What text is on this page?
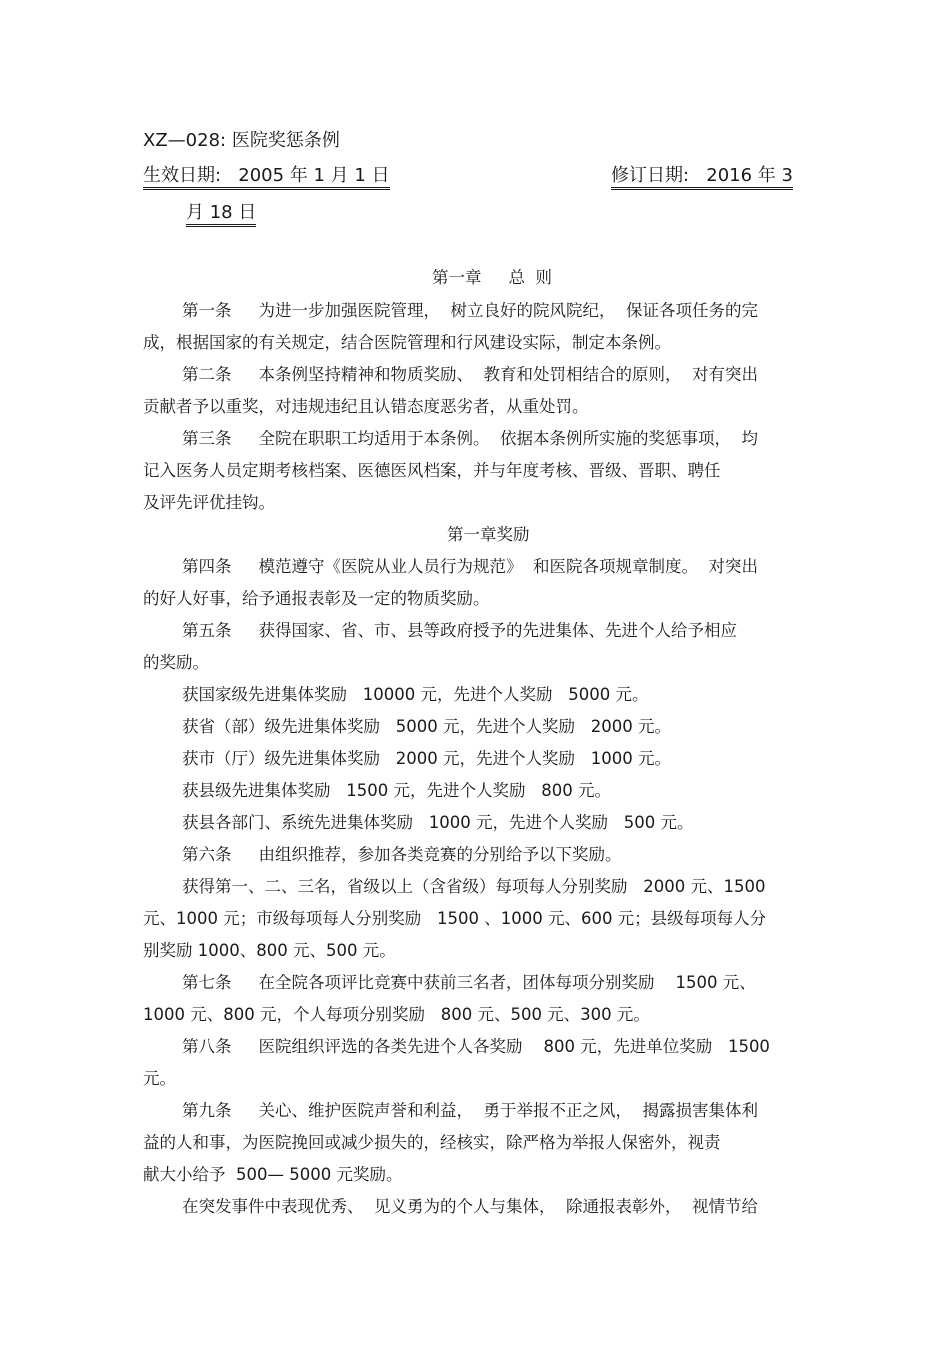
XZ—028: 医院奖惩条例
生效日期: 2005 年 1 月 1 日	修订日期: 2016 年 3
月 18 日
第一章 　 总  则
第一条 　 为进一步加强医院管理，  树立良好的院风院纪，  保证各项任务的完
成，根据国家的有关规定，结合医院管理和行风建设实际，制定本条例。
第二条 　 本条例坚持精神和物质奖励、  教育和处罚相结合的原则，  对有突出
贡献者予以重奖，对违规违纪且认错态度恶劣者，从重处罚。
第三条 　 全院在职职工均适用于本条例。  依据本条例所实施的奖惩事项，  均
记入医务人员定期考核档案、医德医风档案，并与年度考核、晋级、晋职、聘任
及评先评优挂钩。
第一章奖励
第四条 　 模范遵守《医院从业人员行为规范》  和医院各项规章制度。  对突出
的好人好事，给予通报表彰及一定的物质奖励。
第五条 　 获得国家、省、市、县等政府授予的先进集体、先进个人给予相应
的奖励。
获国家级先进集体奖励   10000 元，先进个人奖励   5000 元。
获省（部）级先进集体奖励   5000 元，先进个人奖励   2000 元。
获市（厅）级先进集体奖励   2000 元，先进个人奖励   1000 元。
获县级先进集体奖励   1500 元，先进个人奖励   800 元。
获县各部门、系统先进集体奖励   1000 元，先进个人奖励   500 元。
第六条 　 由组织推荐，参加各类竞赛的分别给予以下奖励。
获得第一、二、三名，省级以上（含省级）每项每人分别奖励   2000 元、1500
元、1000 元；市级每项每人分别奖励   1500 、1000 元、600 元；县级每项每人分
别奖励 1000、800 元、500 元。
第七条 　 在全院各项评比竞赛中获前三名者，团体每项分别奖励    1500 元、
1000 元、800 元，个人每项分别奖励   800 元、500 元、300 元。
第八条 　 医院组织评选的各类先进个人各奖励    800 元，先进单位奖励   1500
元。
第九条 　 关心、维护医院声誉和利益，  勇于举报不正之风，  揭露损害集体利
益的人和事，为医院挽回或减少损失的，经核实，除严格为举报人保密外，视责
献大小给予  500— 5000 元奖励。
在突发事件中表现优秀、  见义勇为的个人与集体，  除通报表彰外，  视情节给
